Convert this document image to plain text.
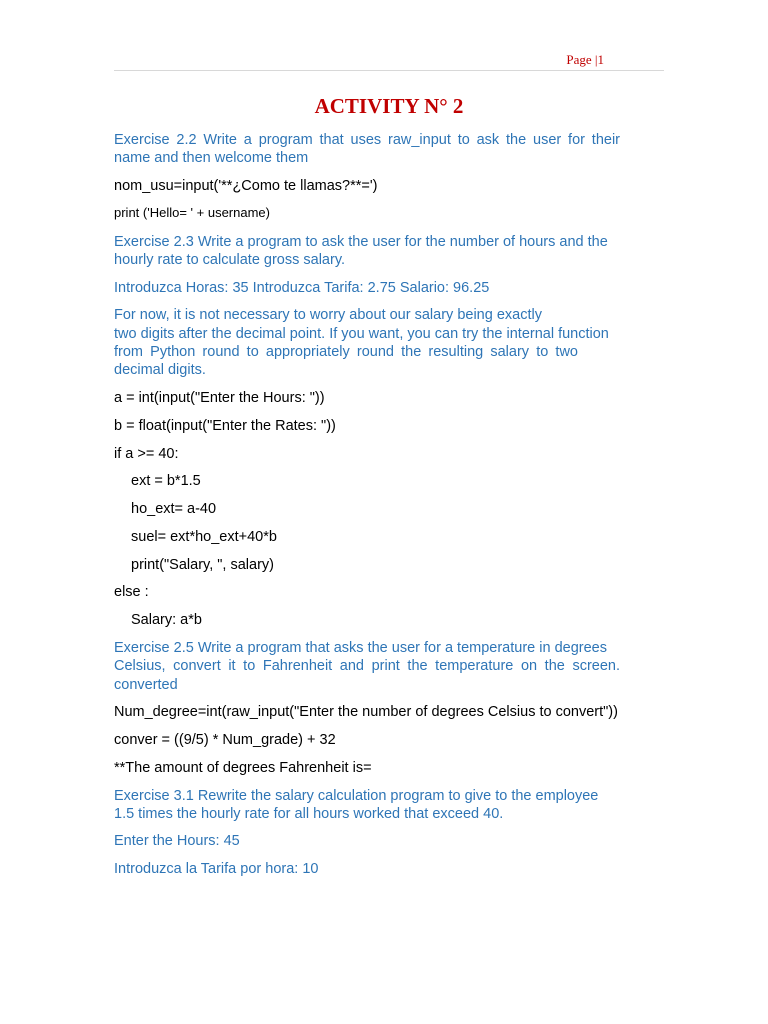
Page |1
ACTIVITY N° 2
Exercise 2.2 Write a program that uses raw_input to ask the user for their
name and then welcome them
nom_usu=input('**¿Como te llamas?**=')
print ('Hello= ' + username)
Exercise 2.3 Write a program to ask the user for the number of hours and the
hourly rate to calculate gross salary.
Introduzca Horas: 35 Introduzca Tarifa: 2.75 Salario: 96.25
For now, it is not necessary to worry about our salary being exactly
two digits after the decimal point. If you want, you can try the internal function
from Python round to appropriately round the resulting salary to two
decimal digits.
a = int(input("Enter the Hours: "))
b = float(input("Enter the Rates: "))
if a >= 40:
ext = b*1.5
ho_ext= a-40
suel= ext*ho_ext+40*b
print("Salary, ", salary)
else :
Salary: a*b
Exercise 2.5 Write a program that asks the user for a temperature in degrees
Celsius, convert it to Fahrenheit and print the temperature on the screen.
converted
Num_degree=int(raw_input("Enter the number of degrees Celsius to convert"))
conver = ((9/5) * Num_grade) + 32
**The amount of degrees Fahrenheit is=
Exercise 3.1 Rewrite the salary calculation program to give to the employee
1.5 times the hourly rate for all hours worked that exceed 40.
Enter the Hours: 45
Introduzca la Tarifa por hora: 10
